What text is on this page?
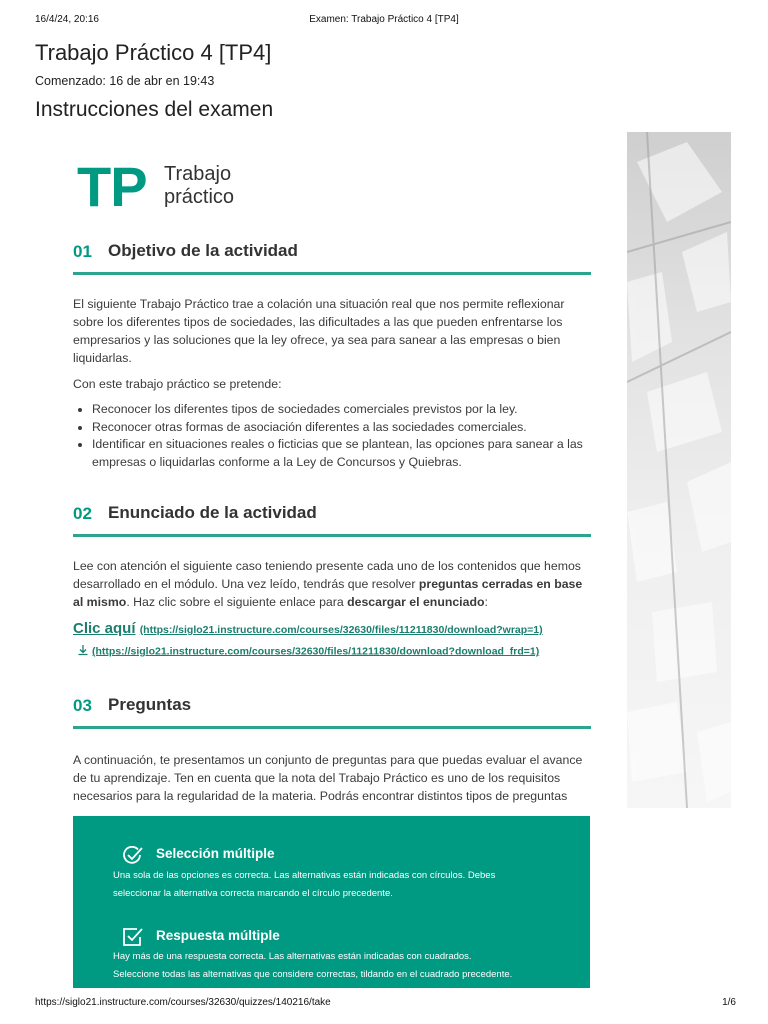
16/4/24, 20:16	Examen: Trabajo Práctico 4 [TP4]
Trabajo Práctico 4 [TP4]
Comenzado: 16 de abr en 19:43
Instrucciones del examen
TP Trabajo
práctico
01 Objetivo de la actividad

El siguiente Trabajo Práctico trae a colación una situación real que nos permite reflexionar sobre los diferentes tipos de sociedades, las dificultades a las que pueden enfrentarse los empresarios y las soluciones que la ley ofrece, ya sea para sanear a las empresas o bien liquidarlas.

Con este trabajo práctico se pretende:

• Reconocer los diferentes tipos de sociedades comerciales previstos por la ley.
• Reconocer otras formas de asociación diferentes a las sociedades comerciales.
• Identificar en situaciones reales o ficticias que se plantean, las opciones para sanear a las empresas o liquidarlas conforme a la Ley de Concursos y Quiebras.
02 Enunciado de la actividad

Lee con atención el siguiente caso teniendo presente cada uno de los contenidos que hemos desarrollado en el módulo. Una vez leído, tendrás que resolver preguntas cerradas en base al mismo. Haz clic sobre el siguiente enlace para descargar el enunciado:

Clic aquí (https://siglo21.instructure.com/courses/32630/files/11211830/download?wrap=1)
(https://siglo21.instructure.com/courses/32630/files/11211830/download?download_frd=1)
03 Preguntas

A continuación, te presentamos un conjunto de preguntas para que puedas evaluar el avance de tu aprendizaje. Ten en cuenta que la nota del Trabajo Práctico es uno de los requisitos necesarios para la regularidad de la materia. Podrás encontrar distintos tipos de preguntas

Selección múltiple

Una sola de las opciones es correcta. Las alternativas están indicadas con círculos. Debes
seleccionar la alternativa correcta marcando el círculo precedente.

Respuesta múltiple

Hay más de una respuesta correcta. Las alternativas están indicadas con cuadrados.
Seleccione todas las alternativas que considere correctas, tildando en el cuadrado precedente.

https://siglo21.instructure.com/courses/32630/quizzes/140216/take	1/6
